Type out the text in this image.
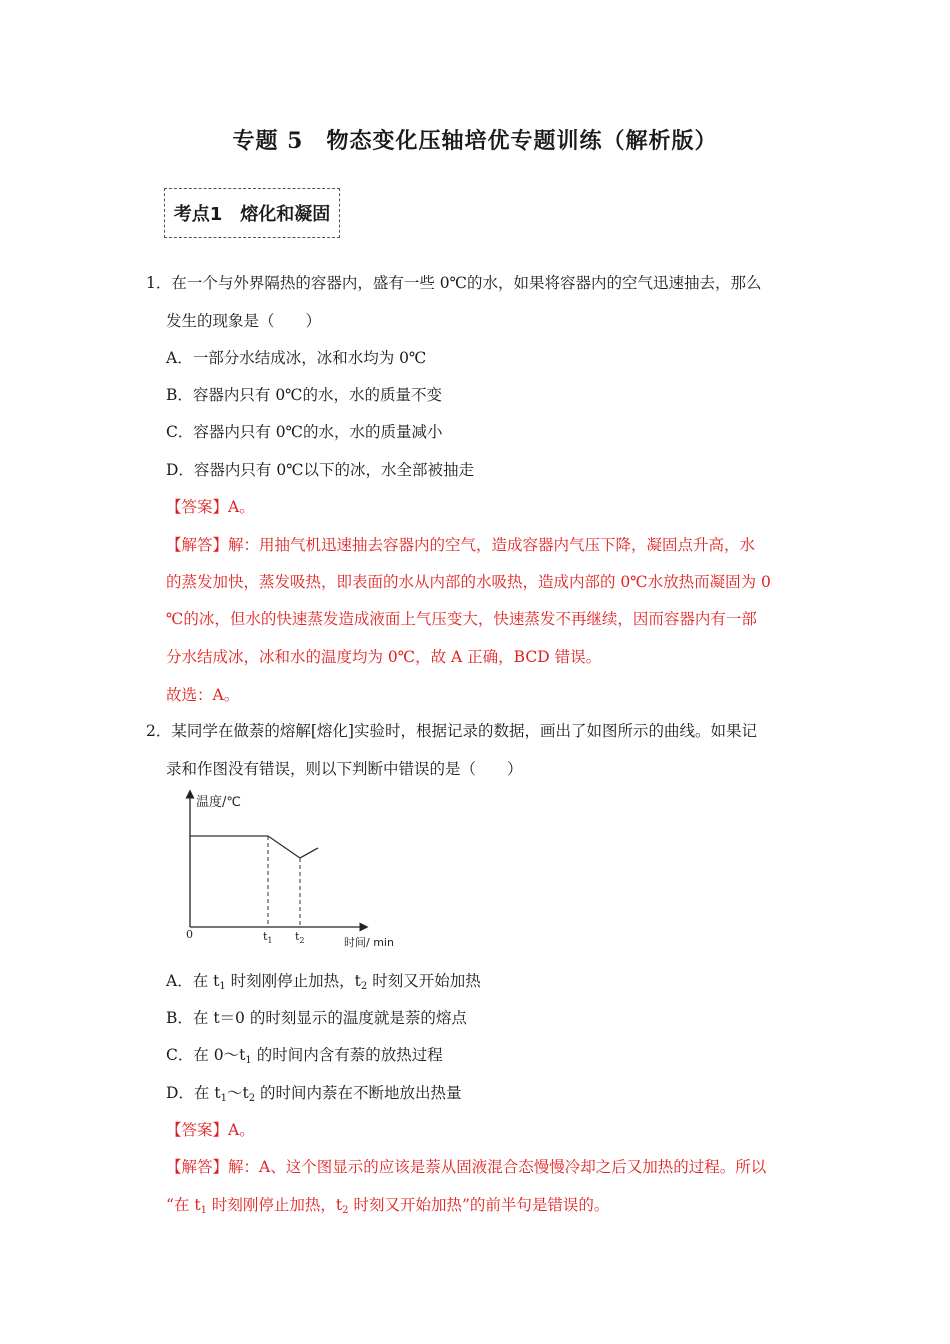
专题 5　物态变化压轴培优专题训练（解析版）
考点1　熔化和凝固
1．在一个与外界隔热的容器内，盛有一些 0℃的水，如果将容器内的空气迅速抽去，那么
发生的现象是（　　）
A．一部分水结成冰，冰和水均为 0℃
B．容器内只有 0℃的水，水的质量不变
C．容器内只有 0℃的水，水的质量减小
D．容器内只有 0℃以下的冰，水全部被抽走
【答案】A。
【解答】解：用抽气机迅速抽去容器内的空气，造成容器内气压下降，凝固点升高，水
的蒸发加快，蒸发吸热，即表面的水从内部的水吸热，造成内部的 0℃水放热而凝固为 0
℃的冰，但水的快速蒸发造成液面上气压变大，快速蒸发不再继续，因而容器内有一部
分水结成冰，冰和水的温度均为 0℃，故 A 正确，BCD 错误。
故选：A。
2．某同学在做萘的熔解[熔化]实验时，根据记录的数据，画出了如图所示的曲线。如果记
录和作图没有错误，则以下判断中错误的是（　　）
温度/℃
0	$t_1$ $t_2$	时间/ min
A．在 $t_1$ 时刻刚停止加热，$t_2$ 时刻又开始加热
B．在 t＝0 的时刻显示的温度就是萘的熔点
C．在 $0\sim t_1$ 的时间内含有萘的放热过程
D．在 $t_1\sim t_2$ 的时间内萘在不断地放出热量
【答案】A。
【解答】解：A、这个图显示的应该是萘从固液混合态慢慢冷却之后又加热的过程。所以
“在 $t_1$ 时刻刚停止加热，$t_2$ 时刻又开始加热”的前半句是错误的。
